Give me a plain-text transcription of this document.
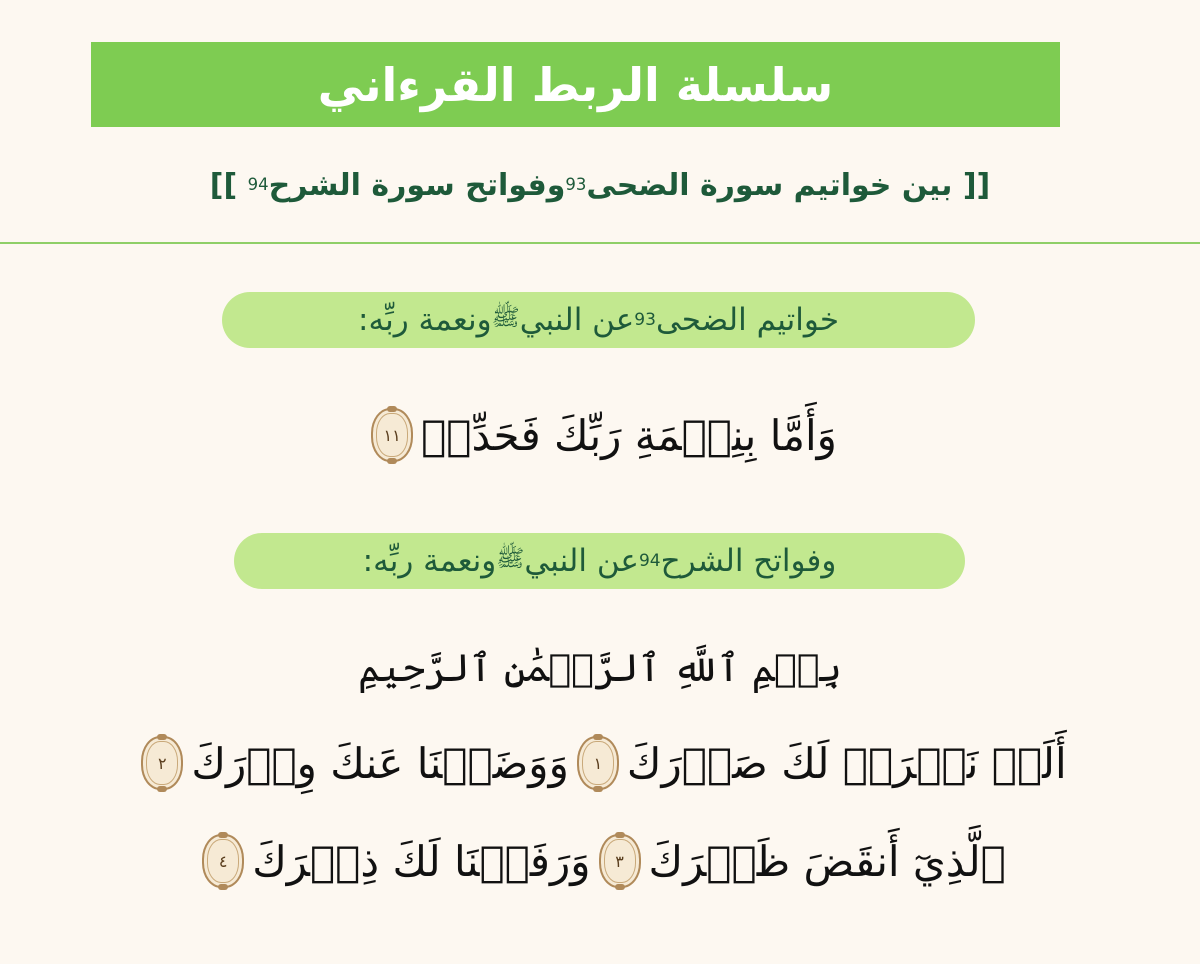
سلسلة الربط القرءاني
[[

بين خواتيم سورة الضحى
93
وفواتح سورة الشرح
94

]]
خواتيم الضحى
93
عن النبي
ﷺ
ونعمة ربِّه:
وَأَمَّا بِنِعۡمَةِ رَبِّكَ فَحَدِّثۡ
١١
وفواتح الشرح
94
عن النبي
ﷺ
ونعمة ربِّه:
بِسۡمِ ٱللَّهِ ٱلرَّحۡمَٰنِ ٱلرَّحِيمِ
أَلَمۡ نَشۡرَحۡ لَكَ صَدۡرَكَ
١
وَوَضَعۡنَا عَنكَ وِزۡرَكَ
٢
ٱلَّذِيٓ أَنقَضَ ظَهۡرَكَ
٣
وَرَفَعۡنَا لَكَ ذِكۡرَكَ
٤
